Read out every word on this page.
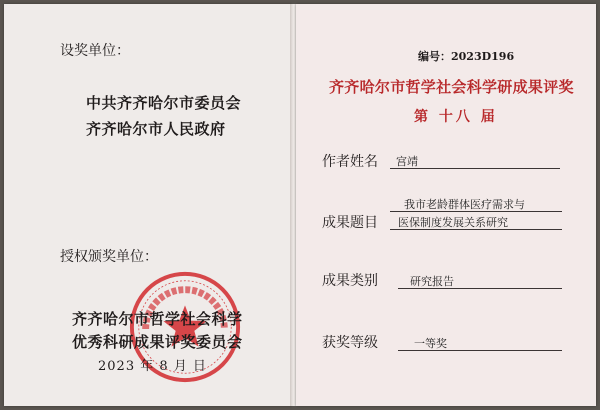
设奖单位：
中共齐齐哈尔市委员会
齐齐哈尔市人民政府
授权颁奖单位：
齐齐哈尔市哲学社会科学
优秀科研成果评奖委员会
2023 年 8 月 日
编号：2023D196
齐齐哈尔市哲学社会科学研成果评奖
第 十八 届
作者姓名 宫靖
成果题目
我市老龄群体医疗需求与
医保制度发展关系研究
成果类别	研究报告
获奖等级	一等奖
